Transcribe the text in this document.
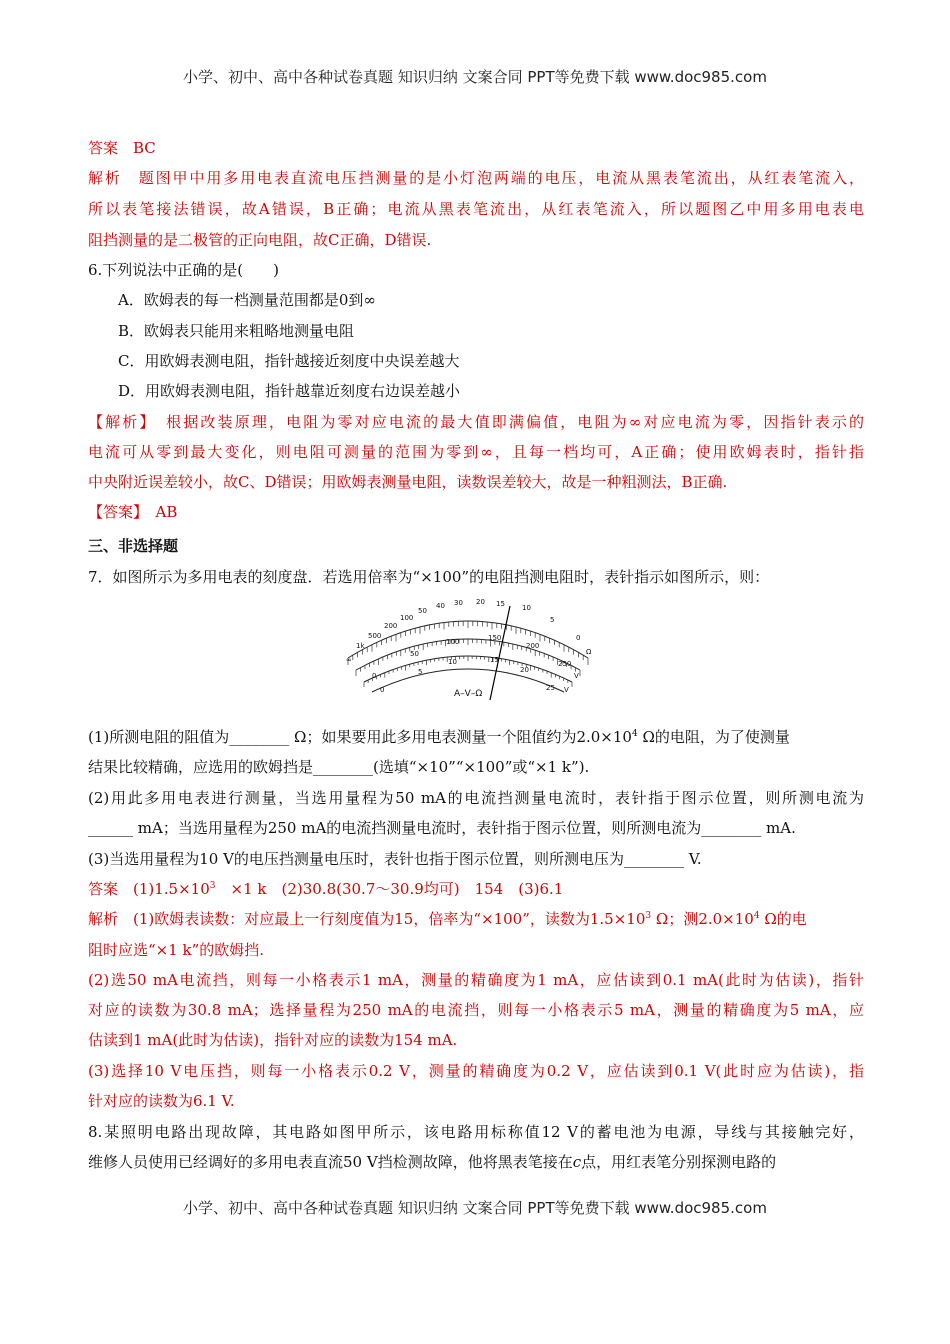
小学、初中、高中各种试卷真题 知识归纳 文案合同 PPT等免费下载 www.doc985.com
答案　BC
解析　题图甲中用多用电表直流电压挡测量的是小灯泡两端的电压，电流从黑表笔流出，从红表笔流入，
所以表笔接法错误，故A错误，B正确；电流从黑表笔流出，从红表笔流入，所以题图乙中用多用电表电
阻挡测量的是二极管的正向电阻，故C正确，D错误.
6.下列说法中正确的是(　　)
A．欧姆表的每一档测量范围都是0到∞
B．欧姆表只能用来粗略地测量电阻
C．用欧姆表测电阻，指针越接近刻度中央误差越大
D．用欧姆表测电阻，指针越靠近刻度右边误差越小
【解析】　根据改装原理，电阻为零对应电流的最大值即满偏值，电阻为∞对应电流为零，因指针表示的
电流可从零到最大变化，则电阻可测量的范围为零到∞，且每一档均可，A正确；使用欧姆表时，指针指
中央附近误差较小，故C、D错误；用欧姆表测量电阻，读数误差较大，故是一种粗测法，B正确.
【答案】　AB
三、非选择题
7．如图所示为多用电表的刻度盘．若选用倍率为“×100”的电阻挡测电阻时，表针指示如图所示，则：
1k
500
200
100
50
40 30 20 15 10
5
0
Ω
∞
0
50
100	150
200
250
V
0
5
10	15
20
25 V
A–V–Ω
(1)所测电阻的阻值为________ Ω；如果要用此多用电表测量一个阻值约为$2.0\times 10^4$ Ω的电阻，为了使测量
结果比较精确，应选用的欧姆挡是________(选填“×10”“×100”或“×1 k”).
(2)用此多用电表进行测量，当选用量程为50 mA的电流挡测量电流时，表针指于图示位置，则所测电流为
______ mA；当选用量程为250 mA的电流挡测量电流时，表针指于图示位置，则所测电流为________ mA.
(3)当选用量程为10 V的电压挡测量电压时，表针也指于图示位置，则所测电压为________ V.
答案　$(1)1.5\times 10^3$　×1 k　(2)30.8(30.7～30.9均可)　154　(3)6.1
解析　(1)欧姆表读数：对应最上一行刻度值为15，倍率为“×100”，读数为$1.5\times 10^3$ Ω；测$2.0\times 10^4$ Ω的电
阻时应选“×1 k”的欧姆挡.
(2)选50 mA电流挡，则每一小格表示1 mA，测量的精确度为1 mA，应估读到0.1 mA(此时为估读)，指针
对应的读数为30.8 mA；选择量程为250 mA的电流挡，则每一小格表示5 mA，测量的精确度为5 mA，应
估读到1 mA(此时为估读)，指针对应的读数为154 mA.
(3)选择10 V电压挡，则每一小格表示0.2 V，测量的精确度为0.2 V，应估读到0.1 V(此时应为估读)，指
针对应的读数为6.1 V.
8.某照明电路出现故障，其电路如图甲所示，该电路用标称值12 V的蓄电池为电源，导线与其接触完好，
维修人员使用已经调好的多用电表直流50 V挡检测故障，他将黑表笔接在c点，用红表笔分别探测电路的
小学、初中、高中各种试卷真题 知识归纳 文案合同 PPT等免费下载 www.doc985.com
